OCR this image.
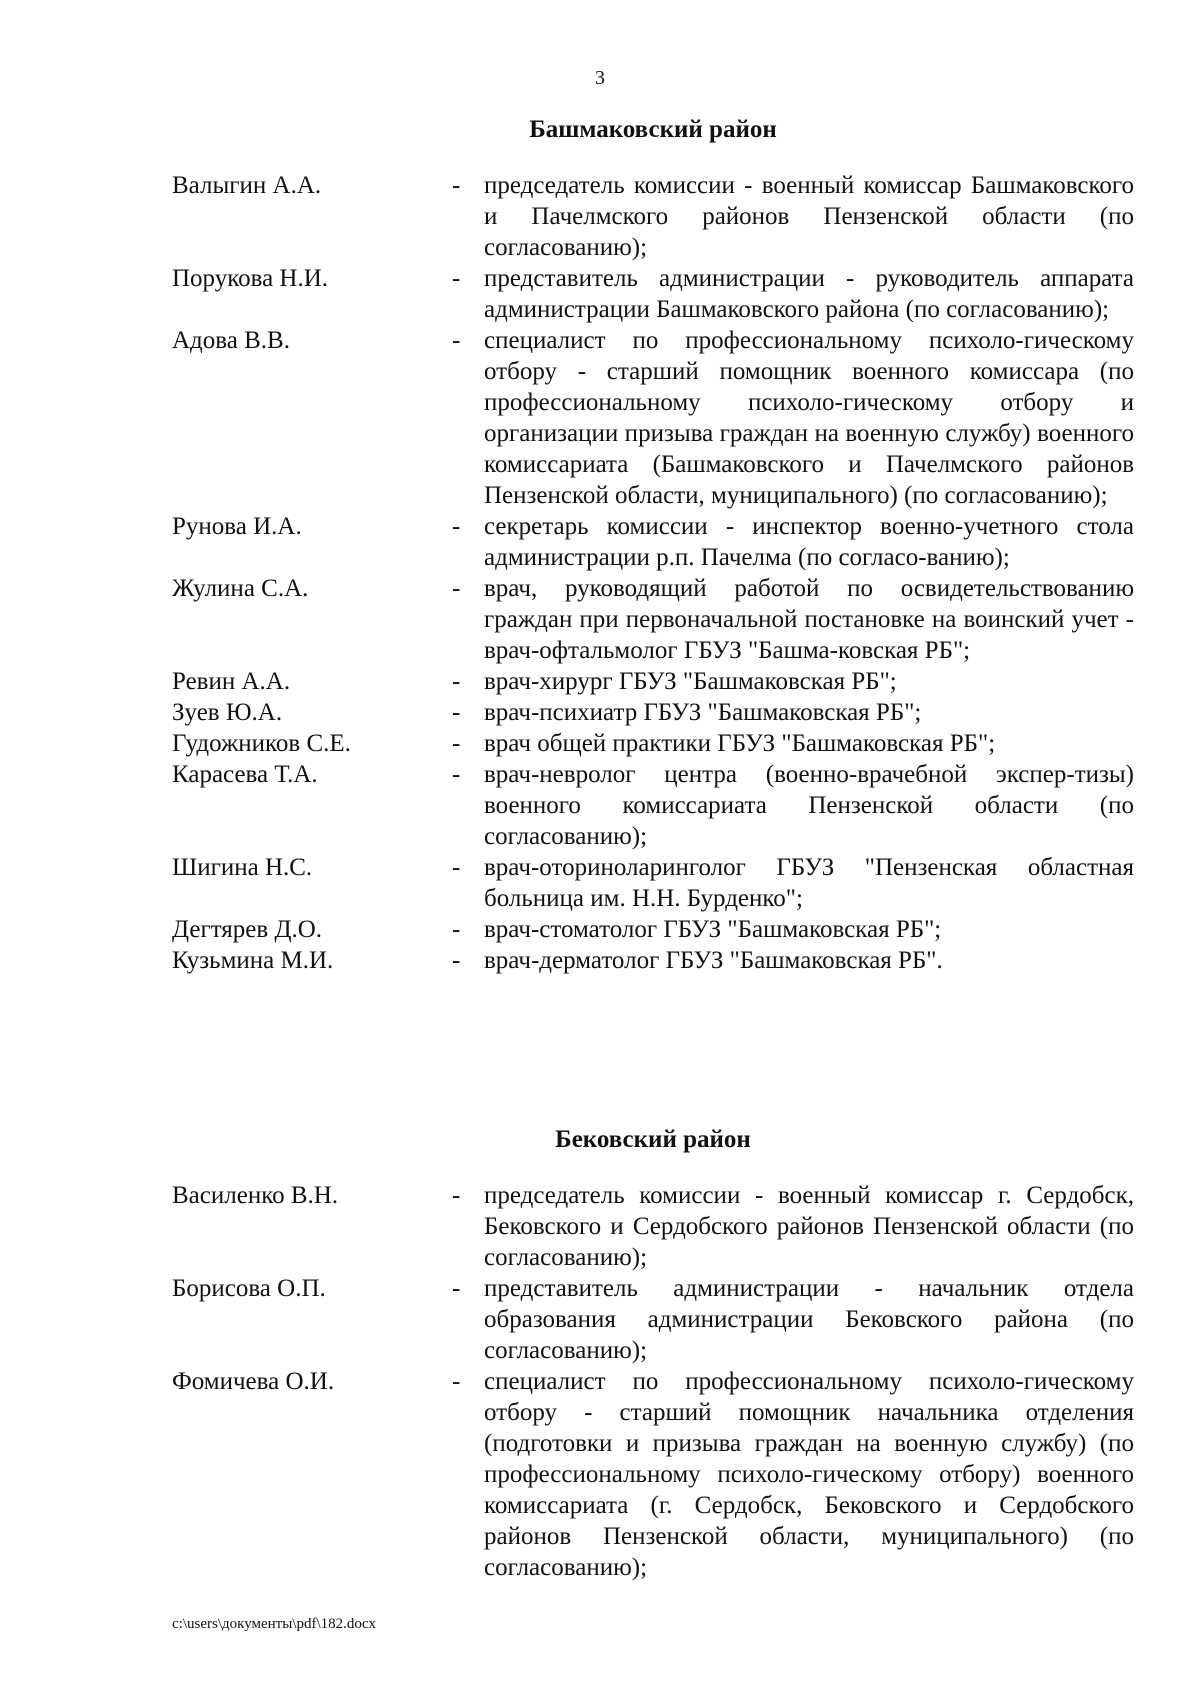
3
Башмаковский район
Валыгин А.А.	- председатель комиссии - военный комиссар Башмаковского и Пачелмского районов Пензенской области (по согласованию);
Порукова Н.И.	- представитель администрации - руководитель аппарата администрации Башмаковского района (по согласованию);
Адова В.В.	- специалист по профессиональному психоло-гическому отбору - старший помощник военного комиссара (по профессиональному психоло-гическому отбору и организации призыва граждан на военную службу) военного комиссариата (Башмаковского и Пачелмского районов Пензенской области, муниципального) (по согласованию);
Рунова И.А.	- секретарь комиссии - инспектор военно-учетного стола администрации р.п. Пачелма (по согласо-ванию);
Жулина С.А.	- врач, руководящий работой по освидетельствованию граждан при первоначальной постановке на воинский учет - врач-офтальмолог ГБУЗ "Башма-ковская РБ";
Ревин А.А.	- врач-хирург ГБУЗ "Башмаковская РБ";
Зуев Ю.А.	- врач-психиатр ГБУЗ "Башмаковская РБ";
Гудожников С.Е.	- врач общей практики ГБУЗ "Башмаковская РБ";
Карасева Т.А.	- врач-невролог центра (военно-врачебной экспер-тизы) военного комиссариата Пензенской области (по согласованию);
Шигина Н.С.	- врач-оториноларинголог ГБУЗ "Пензенская областная больница им. Н.Н. Бурденко";
Дегтярев Д.О.	- врач-стоматолог ГБУЗ "Башмаковская РБ";
Кузьмина М.И.	- врач-дерматолог ГБУЗ "Башмаковская РБ".
Бековский район
Василенко В.Н.	- председатель комиссии - военный комиссар г. Сердобск, Бековского и Сердобского районов Пензенской области (по согласованию);
Борисова О.П.	- представитель администрации - начальник отдела образования администрации Бековского района (по согласованию);
Фомичева О.И.	- специалист по профессиональному психоло-гическому отбору - старший помощник начальника отделения (подготовки и призыва граждан на военную службу) (по профессиональному психоло-гическому отбору) военного комиссариата (г. Сердобск, Бековского и Сердобского районов Пензенской области, муниципального) (по согласованию);
c:\users\документы\pdf\182.docx
